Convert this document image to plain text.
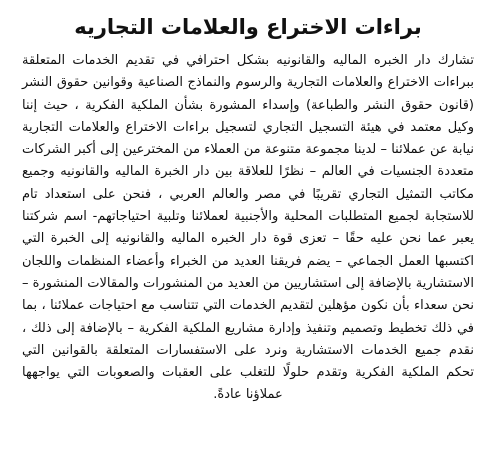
براءات الاختراع والعلامات التجاريه

تشارك دار الخبره الماليه والقانونيه بشكل احترافي في تقديم الخدمات المتعلقة ببراءات الاختراع والعلامات التجارية والرسوم والنماذج الصناعية وقوانين حقوق النشر (قانون حقوق النشر والطباعة) وإسداء المشورة بشأن الملكية الفكرية ، حيث إننا وكيل معتمد في هيئة التسجيل التجاري لتسجيل براءات الاختراع والعلامات التجارية نيابة عن عملائنا – لدينا مجموعة متنوعة من العملاء من المخترعين إلى أكبر الشركات متعددة الجنسيات في العالم – نظرًا للعلاقة بين دار الخبرة الماليه والقانونيه وجميع مكاتب التمثيل التجاري تقريبًا في مصر والعالم العربي ، فنحن على استعداد تام للاستجابة لجميع المتطلبات المحلية والأجنبية لعملائنا وتلبية احتياجاتهم- اسم شركتنا يعبر عما نحن عليه حقًا – تعزى قوة دار الخبره الماليه والقانونيه إلى الخبرة التي اكتسبها العمل الجماعي – يضم فريقنا العديد من الخبراء وأعضاء المنظمات واللجان الاستشارية بالإضافة إلى استشاريين من العديد من المنشورات والمقالات المنشورة – نحن سعداء بأن نكون مؤهلين لتقديم الخدمات التي تتناسب مع احتياجات عملائنا ، بما في ذلك تخطيط وتصميم وتنفيذ وإدارة مشاريع الملكية الفكرية – بالإضافة إلى ذلك ، نقدم جميع الخدمات الاستشارية ونرد على الاستفسارات المتعلقة بالقوانين التي تحكم الملكية الفكرية وتقدم حلولًا للتغلب على العقبات والصعوبات التي يواجهها عملاؤنا عادةً.
